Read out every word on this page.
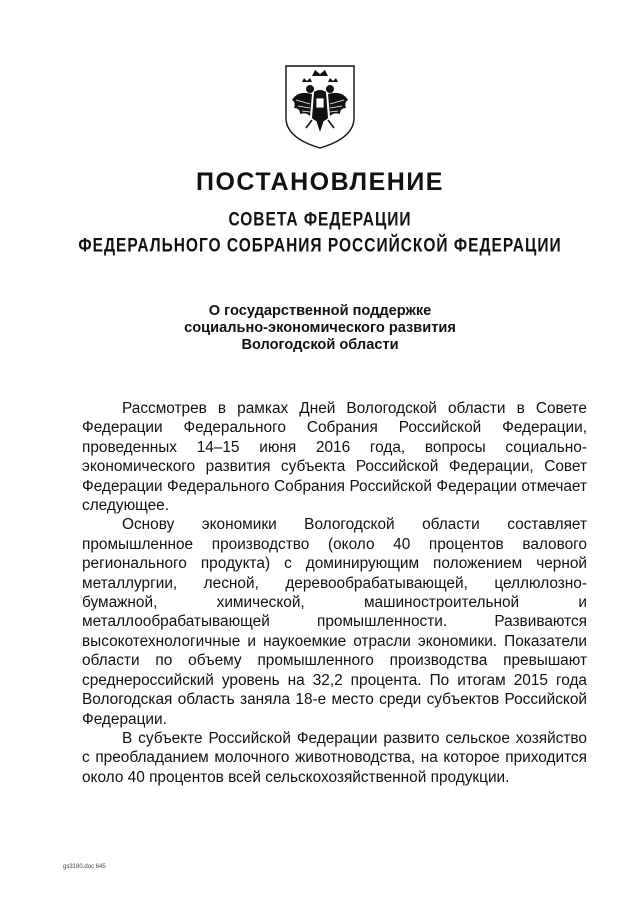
ПОСТАНОВЛЕНИЕ
СОВЕТА ФЕДЕРАЦИИ
ФЕДЕРАЛЬНОГО СОБРАНИЯ РОССИЙСКОЙ ФЕДЕРАЦИИ
О государственной поддержке
социально-экономического развития
Вологодской области

Рассмотрев в рамках Дней Вологодской области в Совете Федерации Федерального Собрания Российской Федерации, проведенных 14–15 июня 2016 года, вопросы социально-экономического развития субъекта Российской Федерации, Совет Федерации Федерального Собрания Российской Федерации отмечает следующее.

Основу экономики Вологодской области составляет промышленное производство (около 40 процентов валового регионального продукта) с доминирующим положением черной металлургии, лесной, деревообрабатывающей, целлюлозно-бумажной, химической, машиностроительной и металлообрабатывающей промышленности. Развиваются высокотехнологичные и наукоемкие отрасли экономики. Показатели области по объему промышленного производства превышают среднероссийский уровень на 32,2 процента. По итогам 2015 года Вологодская область заняла 18-е место среди субъектов Российской Федерации.

В субъекте Российской Федерации развито сельское хозяйство с преобладанием молочного животноводства, на которое приходится около 40 процентов всей сельскохозяйственной продукции.

gs3180.doc 645
